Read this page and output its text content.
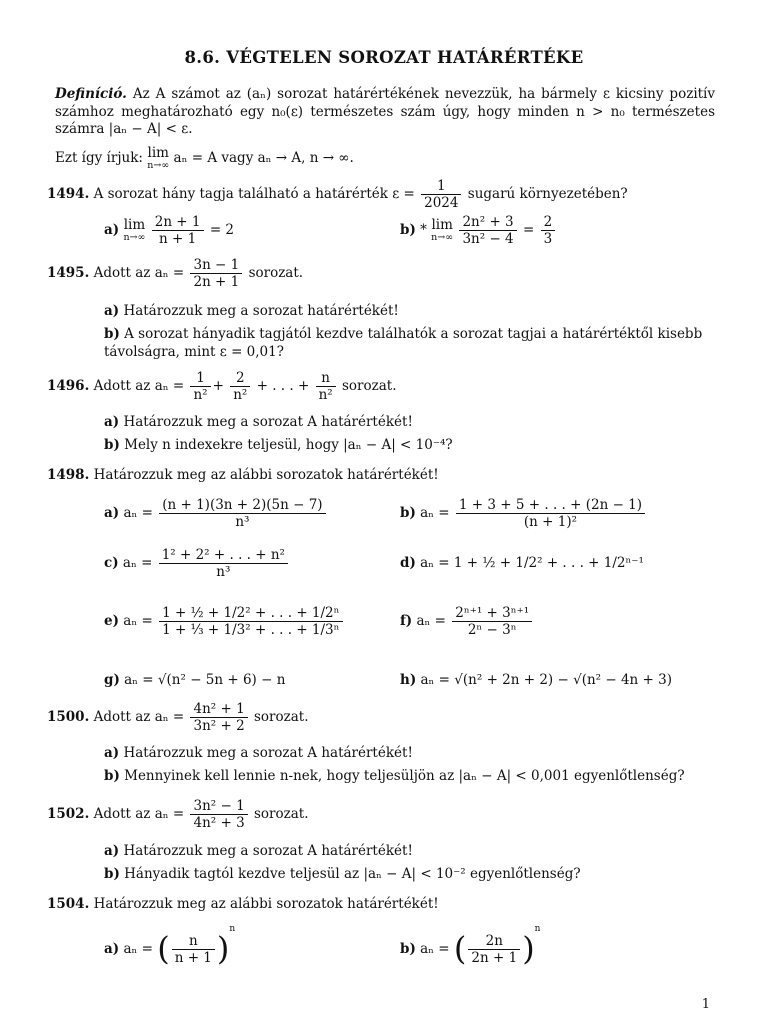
8.6. VÉGTELEN SOROZAT HATÁRÉRTÉKE
Definíció. Az A számot az (aₙ) sorozat határértékének nevezzük, ha bármely ε kicsiny pozitív számhoz meghatározható egy n₀(ε) természetes szám úgy, hogy minden n > n₀ természetes számra |aₙ − A| < ε.
Ezt így írjuk: lim
n→∞ aₙ = A vagy aₙ → A, n → ∞.
1494. A sorozat hány tagja található a határérték $\varepsilon = \frac{1}{2024}$ sugarú környezetében?
a) lim
n→∞
$\frac{2n + 1}{n + 1} = 2$	b) * lim
n→∞
$\frac{\text{2n² + 3}}{\text{3n² − 4}} = \frac{2}{3}$
1495. Adott az $a_n = \frac{3n - 1}{2n + 1}$ sorozat.
a) Határozzuk meg a sorozat határértékét!
b) A sorozat hányadik tagjától kezdve találhatók a sorozat tagjai a határértéktől kisebb távolságra, mint ε = 0,01?
1496. Adott az $a_n = \frac{1}{\text{n²}} + \frac{2}{\text{n²}}$ + . . . + $\frac{n}{\text{n²}}$ sorozat.
a) Határozzuk meg a sorozat A határértékét!
b) Mely n indexekre teljesül, hogy |aₙ − A| < 10⁻⁴?
1498. Határozzuk meg az alábbi sorozatok határértékét!
a) $a_n = \frac{(n + 1)(3n + 2)(5n - 7)}{\text{n³}}$	b) $a_n = \frac{1 + 3 + 5 + . . . + (2n - 1)}{\text{(n + 1)²}}$
c) $a_n = \frac{\text{1² + 2² + . . . + n²}}{\text{n³}}$	d) aₙ = 1 + ½ + 1/2² + . . . + 1/2ⁿ⁻¹
e) $a_n = \frac{\text{1 + ½ + 1/2² + . . . + 1/2ⁿ}}{\text{1 + ⅓ + 1/3² + . . . + 1/3ⁿ}}$	f) $a_n = \frac{\text{2ⁿ⁺¹ + 3ⁿ⁺¹}}{\text{2ⁿ − 3ⁿ}}$
g) aₙ = √(n² − 5n + 6) − n	h) aₙ = √(n² + 2n + 2) − √(n² − 4n + 3)
1500. Adott az $a_n = \frac{\text{4n² + 1}}{\text{3n² + 2}}$ sorozat.
a) Határozzuk meg a sorozat A határértékét!
b) Mennyinek kell lennie n-nek, hogy teljesüljön az |aₙ − A| < 0,001 egyenlőtlenség?
1502. Adott az $a_n = \frac{\text{3n² − 1}}{\text{4n² + 3}}$ sorozat.
a) Határozzuk meg a sorozat A határértékét!
b) Hányadik tagtól kezdve teljesül az |aₙ − A| < 10⁻² egyenlőtlenség?
1504. Határozzuk meg az alábbi sorozatok határértékét!
a) aₙ = ( $\frac{n}{n + 1} )^n$
b) aₙ = ( $\frac{2n}{2n + 1} )^n$
1
